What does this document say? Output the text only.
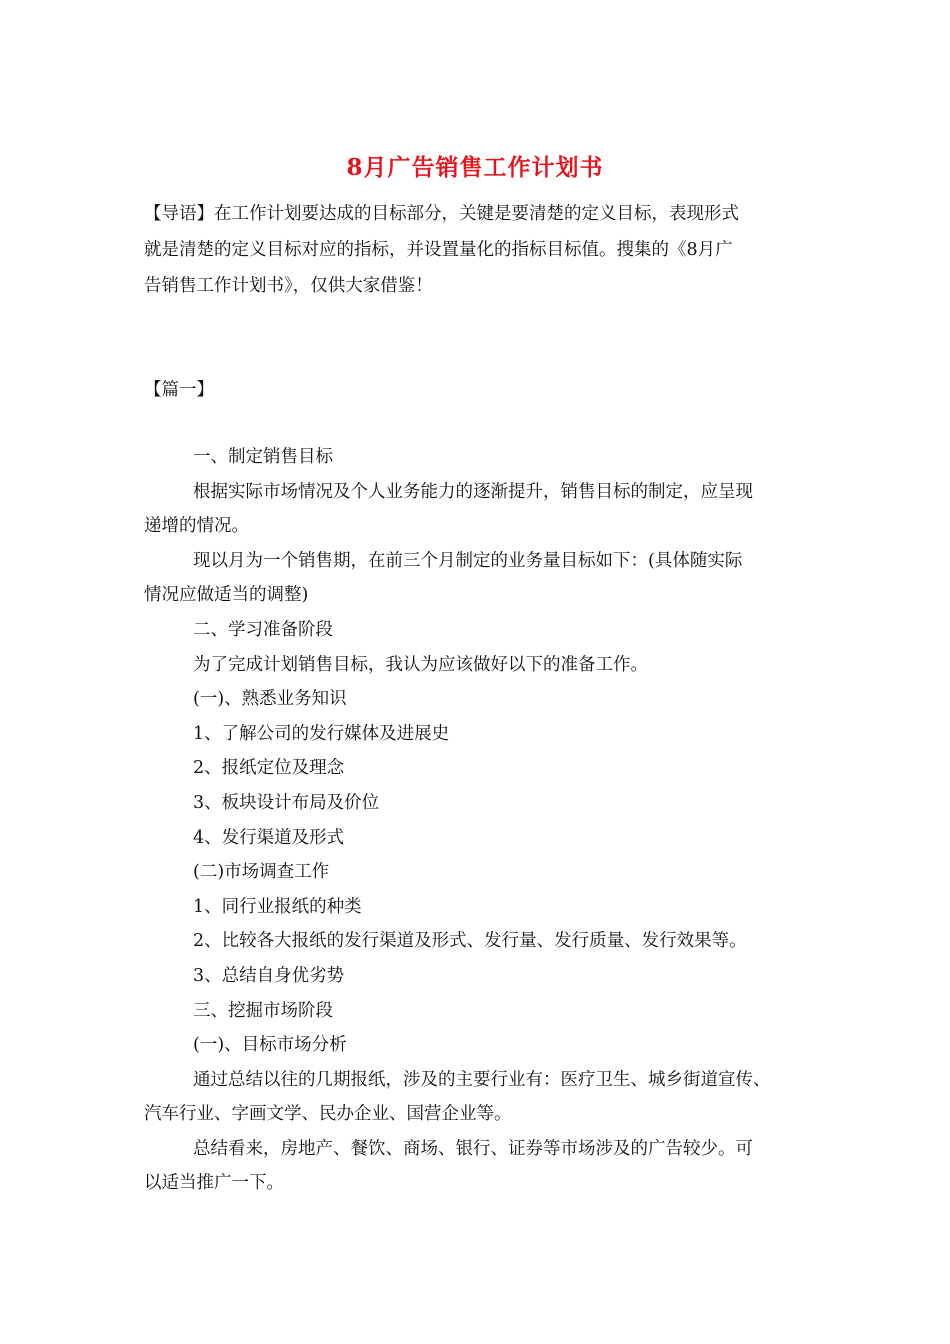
8月广告销售工作计划书

【导语】在工作计划要达成的目标部分，关键是要清楚的定义目标，表现形式

就是清楚的定义目标对应的指标，并设置量化的指标目标值。搜集的《8月广

告销售工作计划书》，仅供大家借鉴！

【篇一】

一、制定销售目标

根据实际市场情况及个人业务能力的逐渐提升，销售目标的制定，应呈现

递增的情况。

现以月为一个销售期，在前三个月制定的业务量目标如下：(具体随实际

情况应做适当的调整)

二、学习准备阶段

为了完成计划销售目标，我认为应该做好以下的准备工作。

(一)、熟悉业务知识

1、了解公司的发行媒体及进展史

2、报纸定位及理念

3、板块设计布局及价位

4、发行渠道及形式

(二)市场调查工作

1、同行业报纸的种类

2、比较各大报纸的发行渠道及形式、发行量、发行质量、发行效果等。

3、总结自身优劣势

三、挖掘市场阶段

(一)、目标市场分析

通过总结以往的几期报纸，涉及的主要行业有：医疗卫生、城乡街道宣传、

汽车行业、字画文学、民办企业、国营企业等。

总结看来，房地产、餐饮、商场、银行、证券等市场涉及的广告较少。可

以适当推广一下。
